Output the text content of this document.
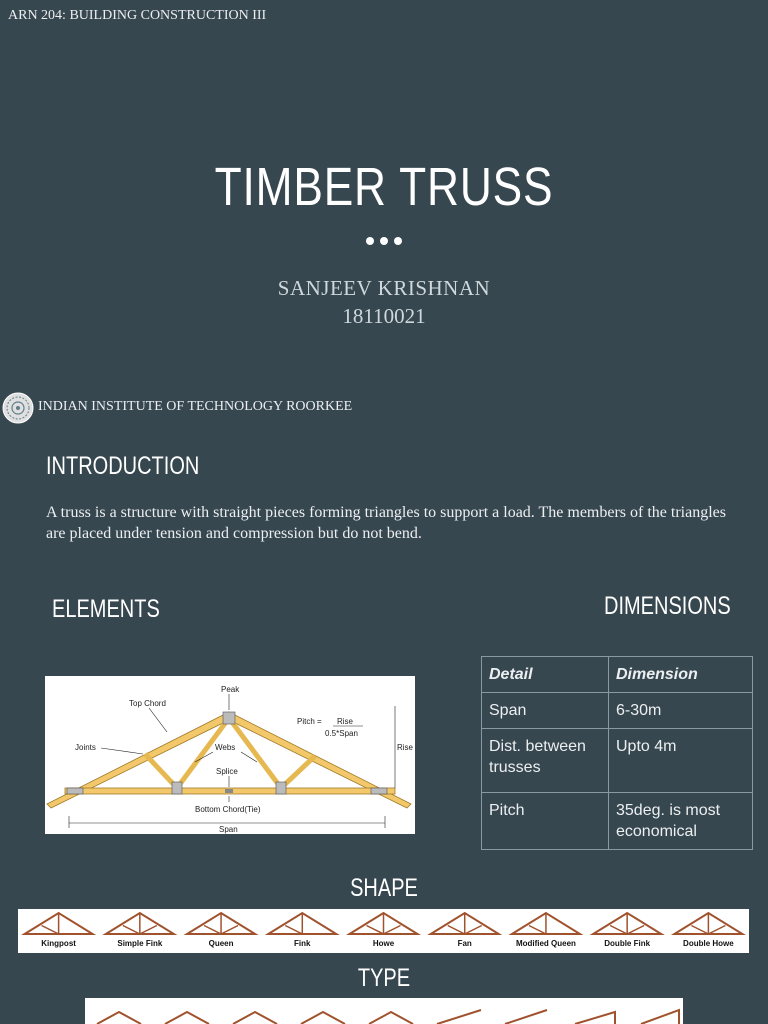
ARN 204: BUILDING CONSTRUCTION III
TIMBER TRUSS
SANJEEV KRISHNAN
18110021
INDIAN INSTITUTE OF TECHNOLOGY ROORKEE
INTRODUCTION
A truss is a structure with straight pieces forming triangles to support a load. The members of the triangles are placed under tension and compression but do not bend.
ELEMENTS	DIMENSIONS
Peak
Top Chord
Pitch = Rise
0.5*Span
Joints	Webs
Splice
Rise
Bottom Chord(Tie)
Span
Detail	Dimension
Span	6-30m
Dist. between trusses	Upto 4m
Pitch	35deg. is most economical
SHAPE
Kingpost	Simple Fink	Queen	Fink	Howe	Fan	Modified Queen	Double Fink	Double Howe
TYPE
